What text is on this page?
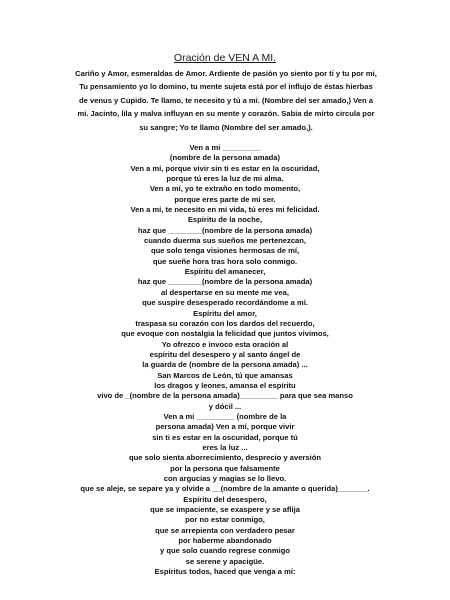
Oración de VEN A MI.

Cariño y Amor, esmeraldas de Amor. Ardiente de pasión yo siento por ti y tu por mi,
Tu pensamiento yo lo domino, tu mente sujeta está por el influjo de éstas hierbas
de venus y Cupido. Te llamo, te necesito y tú a mi. (Nombre del ser amado,) Ven a
mi. Jacinto, lila y malva influyan en su mente y corazón. Sabia de mirto circula por
su sangre; Yo te llamo (Nombre del ser amado,).

Ven a mi _________
(nombre de la persona amada)
Ven a mí, porque vivir sin ti es estar en la oscuridad,
porque tú eres la luz de mi alma.
Ven a mí, yo te extraño en todo momento,
porque eres parte de mi ser.
Ven a mí, te necesito en mi vida, tú eres mi felicidad.
Espíritu de la noche,
haz que ________(nombre de la persona amada)
cuando duerma sus sueños me pertenezcan,
que solo tenga visiones hermosas de mí,
que sueñe hora tras hora solo conmigo.
Espíritu del amanecer,
haz que ________(nombre de la persona amada)
al despertarse en su mente me vea,
que suspire desesperado recordándome a mí.
Espíritu del amor,
traspasa su corazón con los dardos del recuerdo,
que evoque con nostalgia la felicidad que juntos vivimos,
Yo ofrezco e invoco esta oración al
espíritu del desespero y al santo ángel de
la guarda de (nombre de la persona amada) ...
San Marcos de León, tú que amansas
los dragos y leones, amansa el espíritu
vivo de _(nombre de la persona amada)_________ para que sea manso
y dócil ...
Ven a mi _________ (nombre de la
persona amada) Ven a mí, porque vivir
sin ti es estar en la oscuridad, porque tú
eres la luz ...
que solo sienta aborrecimiento, desprecio y aversión
por la persona que falsamente
con argucias y magias se lo llevo.
que se aleje, se separe ya y olvide a __(nombre de la amante o querida)_______.
Espíritu del desespero,
que se impaciente, se exaspere y se aflija
por no estar conmigo,
que se arrepienta con verdadero pesar
por haberme abandonado
y que solo cuando regrese conmigo
se serene y apacigüe.
Espíritus todos, haced que venga a mí:
